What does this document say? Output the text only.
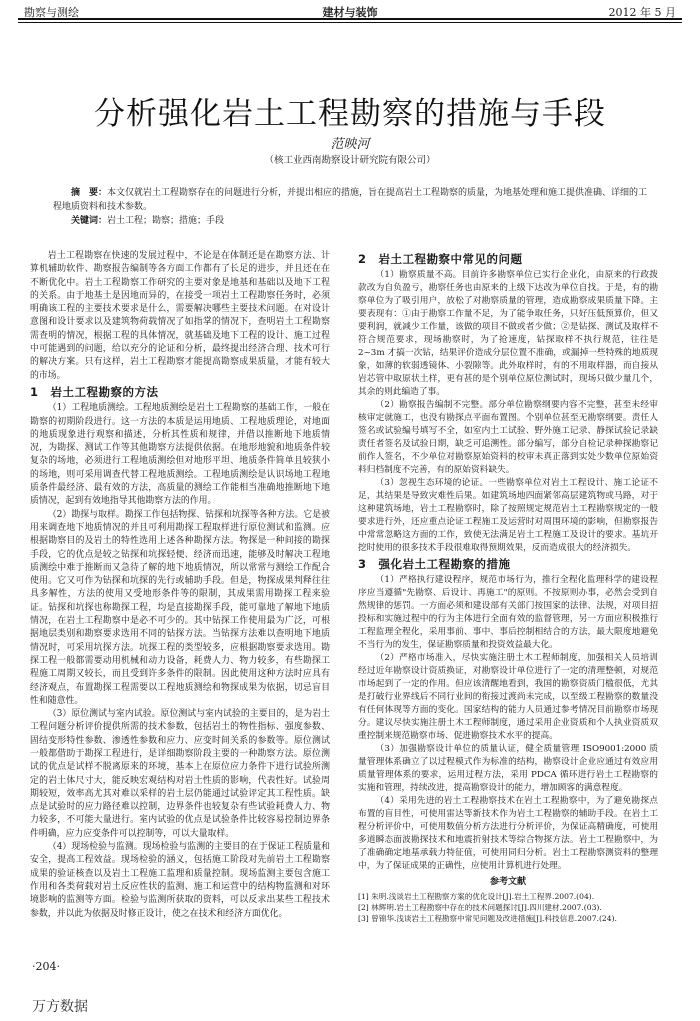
勘察与测绘	建材与装饰	2012 年 5 月
分析强化岩土工程勘察的措施与手段
范映河
（核工业西南勘察设计研究院有限公司）
摘　要：本文仅就岩土工程勘察存在的问题进行分析，并提出相应的措施，旨在提高岩土工程勘察的质量，为地基处理和施工提供准确、详细的工程地质资料和技术参数。
关键词：岩土工程；勘察；措施；手段

岩土工程勘察在快速的发展过程中，不论是在体制还是在勘察方法、计算机辅助软件、勘察报告编制等各方面工作都有了长足的进步，并且还在在不断优化中。岩土工程勘察工作研究的主要对象是地基和基础以及地下工程的关系。由于地基土是因地而异的，在接受一项岩土工程勘察任务时，必须明确该工程的主要技术要求是什么，需要解决哪些主要技术问题。在对设计意图和设计要求以及建筑物荷载情况了如指掌的情况下，查明岩土工程勘察需查明的情况，根据工程的具体情况，就基础及地下工程的设计、施工过程中可能遇到的问题，给以充分的论证和分析，最终提出经济合理、技术可行的解决方案。只有这样，岩土工程勘察才能提高勘察成果质量，才能有较大的市场。

1　岩土工程勘察的方法

（1）工程地质测绘。工程地质测绘是岩土工程勘察的基础工作，一般在勘察的初期阶段进行。这一方法的本质是运用地质、工程地质理论，对地面的地质现象进行观察和描述，分析其性质和规律，并借以推断地下地质情况，为勘探、测试工作等其他勘察方法提供依据。在地形地貌和地质条件较复杂的场地，必须进行工程地质测绘但对地形平坦、地质条件简单且较狭小的场地，则可采用调查代替工程地质测绘。工程地质测绘是认识场地工程地质条件最经济、最有效的方法，高质量的测绘工作能相当准确地推断地下地质情况，起到有效地指导其他勘察方法的作用。

（2）勘探与取样。勘探工作包括物探、钻探和坑探等各种方法。它是被用来调查地下地质情况的并且可利用勘探工程取样进行原位测试和监测。应根据勘察目的及岩土的特性选用上述各种勘探方法。物探是一种间接的勘探手段，它的优点是较之钻探和坑探轻便、经济而迅速，能够及时解决工程地质测绘中难于推断而又急待了解的地下地质情况，所以常常与测绘工作配合使用。它又可作为钻探和坑探的先行或辅助手段。但是，物探成果判释往往具多解性，方法的使用又受地形条件等的限制，其成果需用勘探工程来验证。钻探和坑探也称勘探工程，均是直接勘探手段，能可靠地了解地下地质情况，在岩土工程勘察中是必不可少的。其中钻探工作使用最为广泛，可根据地层类别和勘察要求选用不同的钻探方法。当钻探方法难以查明地下地质情况时，可采用坑探方法。坑探工程的类型较多，应根据勘察要求选用。勘探工程一般都需要动用机械和动力设备，耗费人力、物力较多，有些勘探工程施工周期又较长，而且受到许多条件的限制。因此使用这种方法时应具有经济观点，布置勘探工程需要以工程地质测绘和物探成果为依据，切忌盲目性和随意性。

（3）原位测试与室内试验。原位测试与室内试验的主要目的，是为岩土工程问题分析评价提供所需的技术参数，包括岩土的物性指标、强度参数、固结变形特性参数、渗透性参数和应力、应变时间关系的参数等。原位测试一般都借助于勘探工程进行，是详细勘察阶段主要的一种勘察方法。原位测试的优点是试样不脱离原来的环境，基本上在原位应力条件下进行试验所测定的岩土体尺寸大，能反映宏观结构对岩土性质的影响，代表性好。试验周期较短，效率高尤其对难以采样的岩土层仍能通过试验评定其工程性质。缺点是试验时的应力路径难以控制，边界条件也较复杂有些试验耗费人力、物力较多，不可能大量进行。室内试验的优点是试验条件比较容易控制边界条件明确，应力应变条件可以控制等，可以大量取样。

（4）现场检验与监测。现场检验与监测的主要目的在于保证工程质量和安全，提高工程效益。现场检验的涵义，包括施工阶段对先前岩土工程勘察成果的验证核查以及岩土工程施工监理和质量控制。现场监测主要包含施工作用和各类荷载对岩土反应性状的监测、施工和运营中的结构物监测和对环境影响的监测等方面。检验与监测所获取的资料，可以反求出某些工程技术参数，并以此为依据及时修正设计，使之在技术和经济方面优化。

2　岩土工程勘察中常见的问题

（1）勘察质量不高。目前许多勘察单位已实行企业化，由原来的行政拨款改为自负盈亏，勘察任务也由原来的上级下达改为单位自找。于是，有的勘察单位为了吸引用户，放松了对勘察质量的管理，造成勘察成果质量下降。主要表现有：①由于勘察工作量不足，为了能争取任务，只好压低预算价，但又要利润，就减少工作量，该做的项目不做或者少做；②是钻探、测试及取样不符合规范要求，现场勘察时，为了抢速度，钻探取样不执行规范，往往是 2~3m 才搞一次钻，结果评价造成分层位置不准确，或漏掉一些特殊的地质现象，如薄的软弱透镜体、小裂隙等。此外取样时，有的不用取样器，而自接从岩芯管中取原状土样，更有甚的是个别单位原位测试时，现场只做少量几个，其余的则此编造了事。

（2）勘察报告编制不完整。部分单位勘察纲要内容不完整，甚至未经审核审定就施工，也没有勘探点平面布置图。个别单位甚至无勘察纲要。责任人签名或试验编号填写不全，如室内土工试验、野外施工记录、静探试验记录缺责任者签名及试验日期，缺乏可追溯性。部分编写，部分自检记录种探勘察记前作人签名，不少单位对勘察原始资料的校审未真正落到实处少数单位原始资料归档制度不完善，有的原始资料缺失。

（3）忽视生态环境的论证。一些勘察单位对岩土工程设计、施工论证不足，其结果是导致灾难性后果。如建筑场地四面紧邻高层建筑物或马路，对于这种建筑场地，岩土工程勘察时，除了按照规定规范岩土工程勘察规定的一般要求进行外，还应重点论证工程施工及运营时对周围环境的影响，但勘察报告中常常忽略这方面的工作，致使无法满足岩土工程施工及设计的要求。基坑开挖时使用的很多技术手段很难取得预期效果，反而造成很大的经济损失。

3　强化岩土工程勘察的措施

（1）严格执行建设程序，规范市场行为，推行全程化监理科学的建设程序应当遵循"先勘察、后设计、再施工"的原则。不按原则办事，必然会受到自然规律的惩罚。一方面必须和建设部有关部门按国家的法律、法规，对项目招投标和实施过程中的行为主体进行全面有效的监督管理，另一方面应积极推行工程监理全程化，采用事前、事中、事后控制相结合的方法，最大限度地避免不当行为的发生，保证勘察质量和投资效益最大化。

（2）严格市场准入，尽快实施注册土木工程师制度，加强相关人员培训经过近年勘察设计资质换证，对勘察设计单位进行了一定的清理整顿，对规范市场起到了一定的作用。但应该清醒地看到，我国的勘察资质门槛很低，尤其是打破行业界线后不同行业间的衔接过渡尚未完成，以至级工程勘察的数量没有任何体现等方面的变化。国家结构的能力人员通过参考情况目前勘察市场现分。建议尽快实施注册土木工程师制度，通过采用企业资质和个人执业资质双重控制来规范勘察市场、促进勘察技术水平的提高。

（3）加强勘察设计单位的质量认证，健全质量管理 ISO9001:2000 质量管理体系确立了以过程模式作为标准的结构，勘察设计企业应通过有效应用质量管理体系的要求，运用过程方法，采用 PDCA 循环进行岩土工程勘察的实施和管理，持续改进，提高勘察设计的能力，增加顾客的满意程度。

（4）采用先进的岩土工程勘察技术在岩土工程勘察中，为了避免勘探点布置的盲目性，可使用雷达等新技术作为岩土工程勘察的辅助手段。在岩土工程分析评价中，可使用数值分析方法进行分析评价，为保证高精确度，可使用多道瞬态面波勘探技术和地震折射技术等综合物探方法。岩土工程勘察中，为了准确确定地基承载力特征值，可使用同归分析。岩土工程勘察测资料的整理中，为了保证成果的正确性，应使用计算机进行处理。

参考文献

[1] 朱明.浅谈岩土工程勘察方案的优化设计[J].岩土工程界.2007.(04).

[2] 林辉明.岩土工程勘察中存在的技术问题探讨[J].四川建材.2007.(03).

[3] 曾锦华.浅谈岩土工程勘察中常见问题及改进措施[J].科技信息.2007.(24).

·204·
万方数据
